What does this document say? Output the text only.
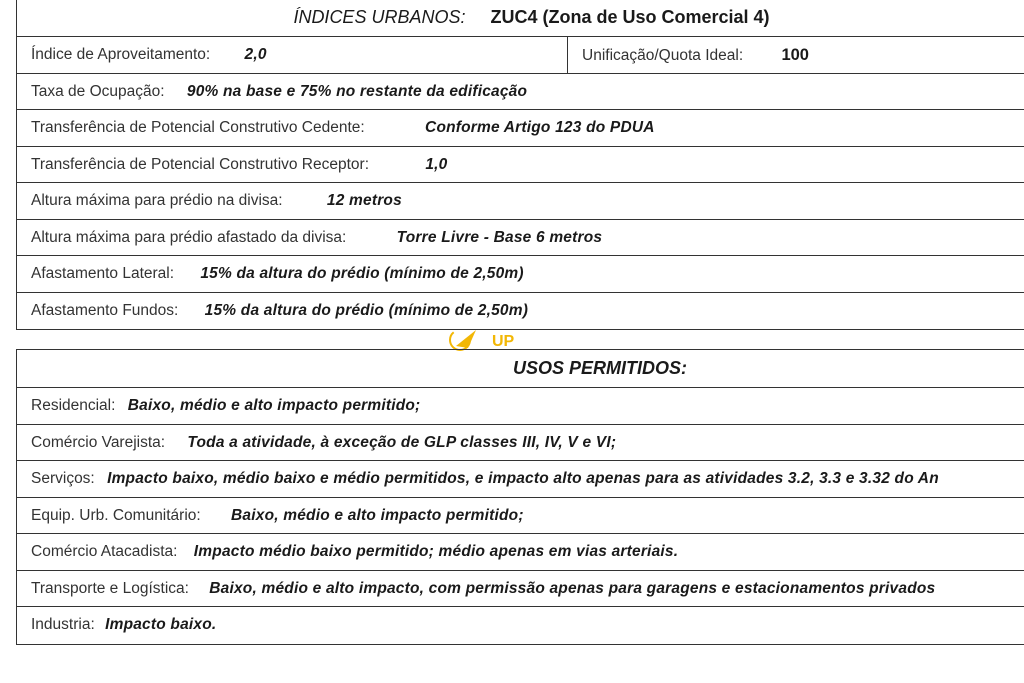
ÍNDICES URBANOS: ZUC4 (Zona de Uso Comercial 4)
Índice de Aproveitamento: 2,0	Unificação/Quota Ideal: 100
Taxa de Ocupação: 90% na base e 75% no restante da edificação
Transferência de Potencial Construtivo Cedente:	Conforme Artigo 123 do PDUA
Transferência de Potencial Construtivo Receptor:	1,0
Altura máxima para prédio na divisa:	12 metros
Altura máxima para prédio afastado da divisa:	Torre Livre - Base 6 metros
Afastamento Lateral: 15% da altura do prédio (mínimo de 2,50m)
Afastamento Fundos: 15% da altura do prédio (mínimo de 2,50m)
UP
USOS PERMITIDOS:
Residencial: Baixo, médio e alto impacto permitido;
Comércio Varejista: Toda a atividade, à exceção de GLP classes III, IV, V e VI;
Serviços: Impacto baixo, médio baixo e médio permitidos, e impacto alto apenas para as atividades 3.2, 3.3 e 3.32 do An
Equip. Urb. Comunitário: Baixo, médio e alto impacto permitido;
Comércio Atacadista: Impacto médio baixo permitido; médio apenas em vias arteriais.
Transporte e Logística: Baixo, médio e alto impacto, com permissão apenas para garagens e estacionamentos privados
Industria: Impacto baixo.
